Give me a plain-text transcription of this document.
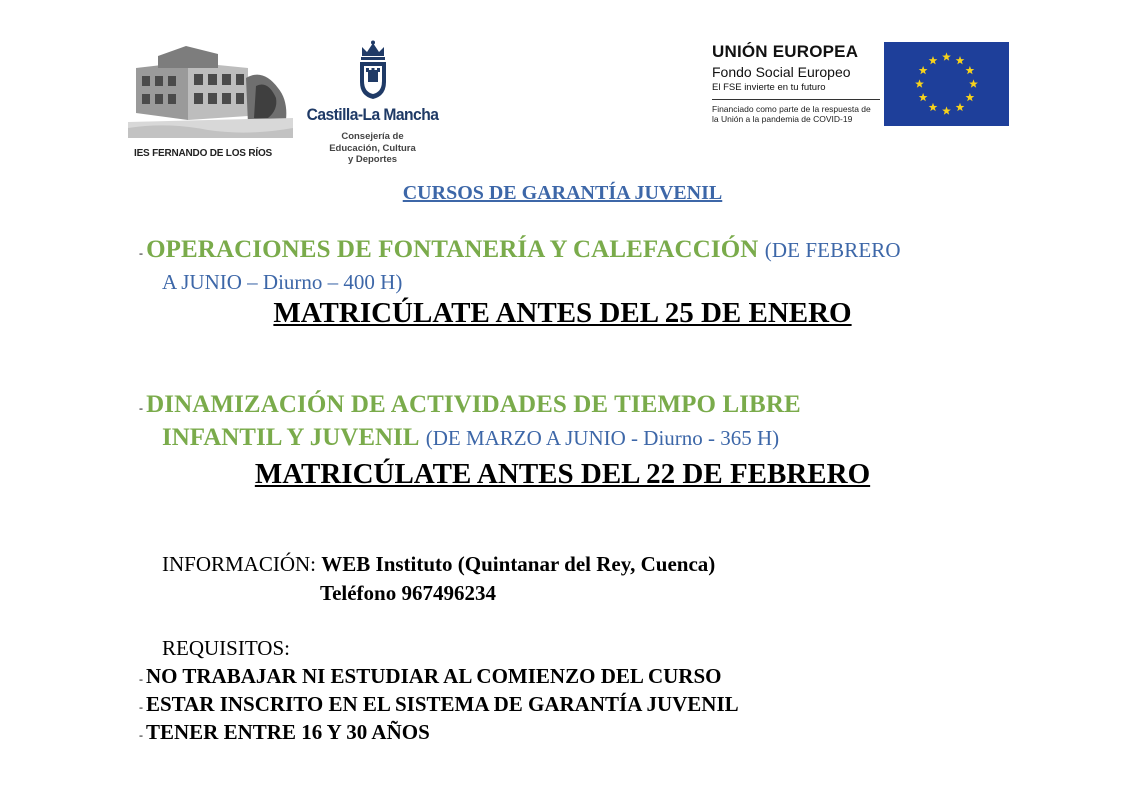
IES FERNANDO DE LOS RÍOS
Castilla-La Mancha
Consejería de
Educación, Cultura
y Deportes
UNIÓN EUROPEA
Fondo Social Europeo
El FSE invierte en tu futuro
Financiado como parte de la respuesta de
la Unión a la pandemia de COVID-19
CURSOS DE GARANTÍA JUVENIL
- OPERACIONES DE FONTANERÍA Y CALEFACCIÓN (DE FEBRERO
A JUNIO – Diurno – 400 H)
MATRICÚLATE ANTES DEL 25 DE ENERO
- DINAMIZACIÓN DE ACTIVIDADES DE TIEMPO LIBRE
INFANTIL Y JUVENIL (DE MARZO A JUNIO - Diurno - 365 H)
MATRICÚLATE ANTES DEL 22 DE FEBRERO
INFORMACIÓN: WEB Instituto (Quintanar del Rey, Cuenca)
Teléfono 967496234
REQUISITOS:
- NO TRABAJAR NI ESTUDIAR AL COMIENZO DEL CURSO
- ESTAR INSCRITO EN EL SISTEMA DE GARANTÍA JUVENIL
- TENER ENTRE 16 Y 30 AÑOS
